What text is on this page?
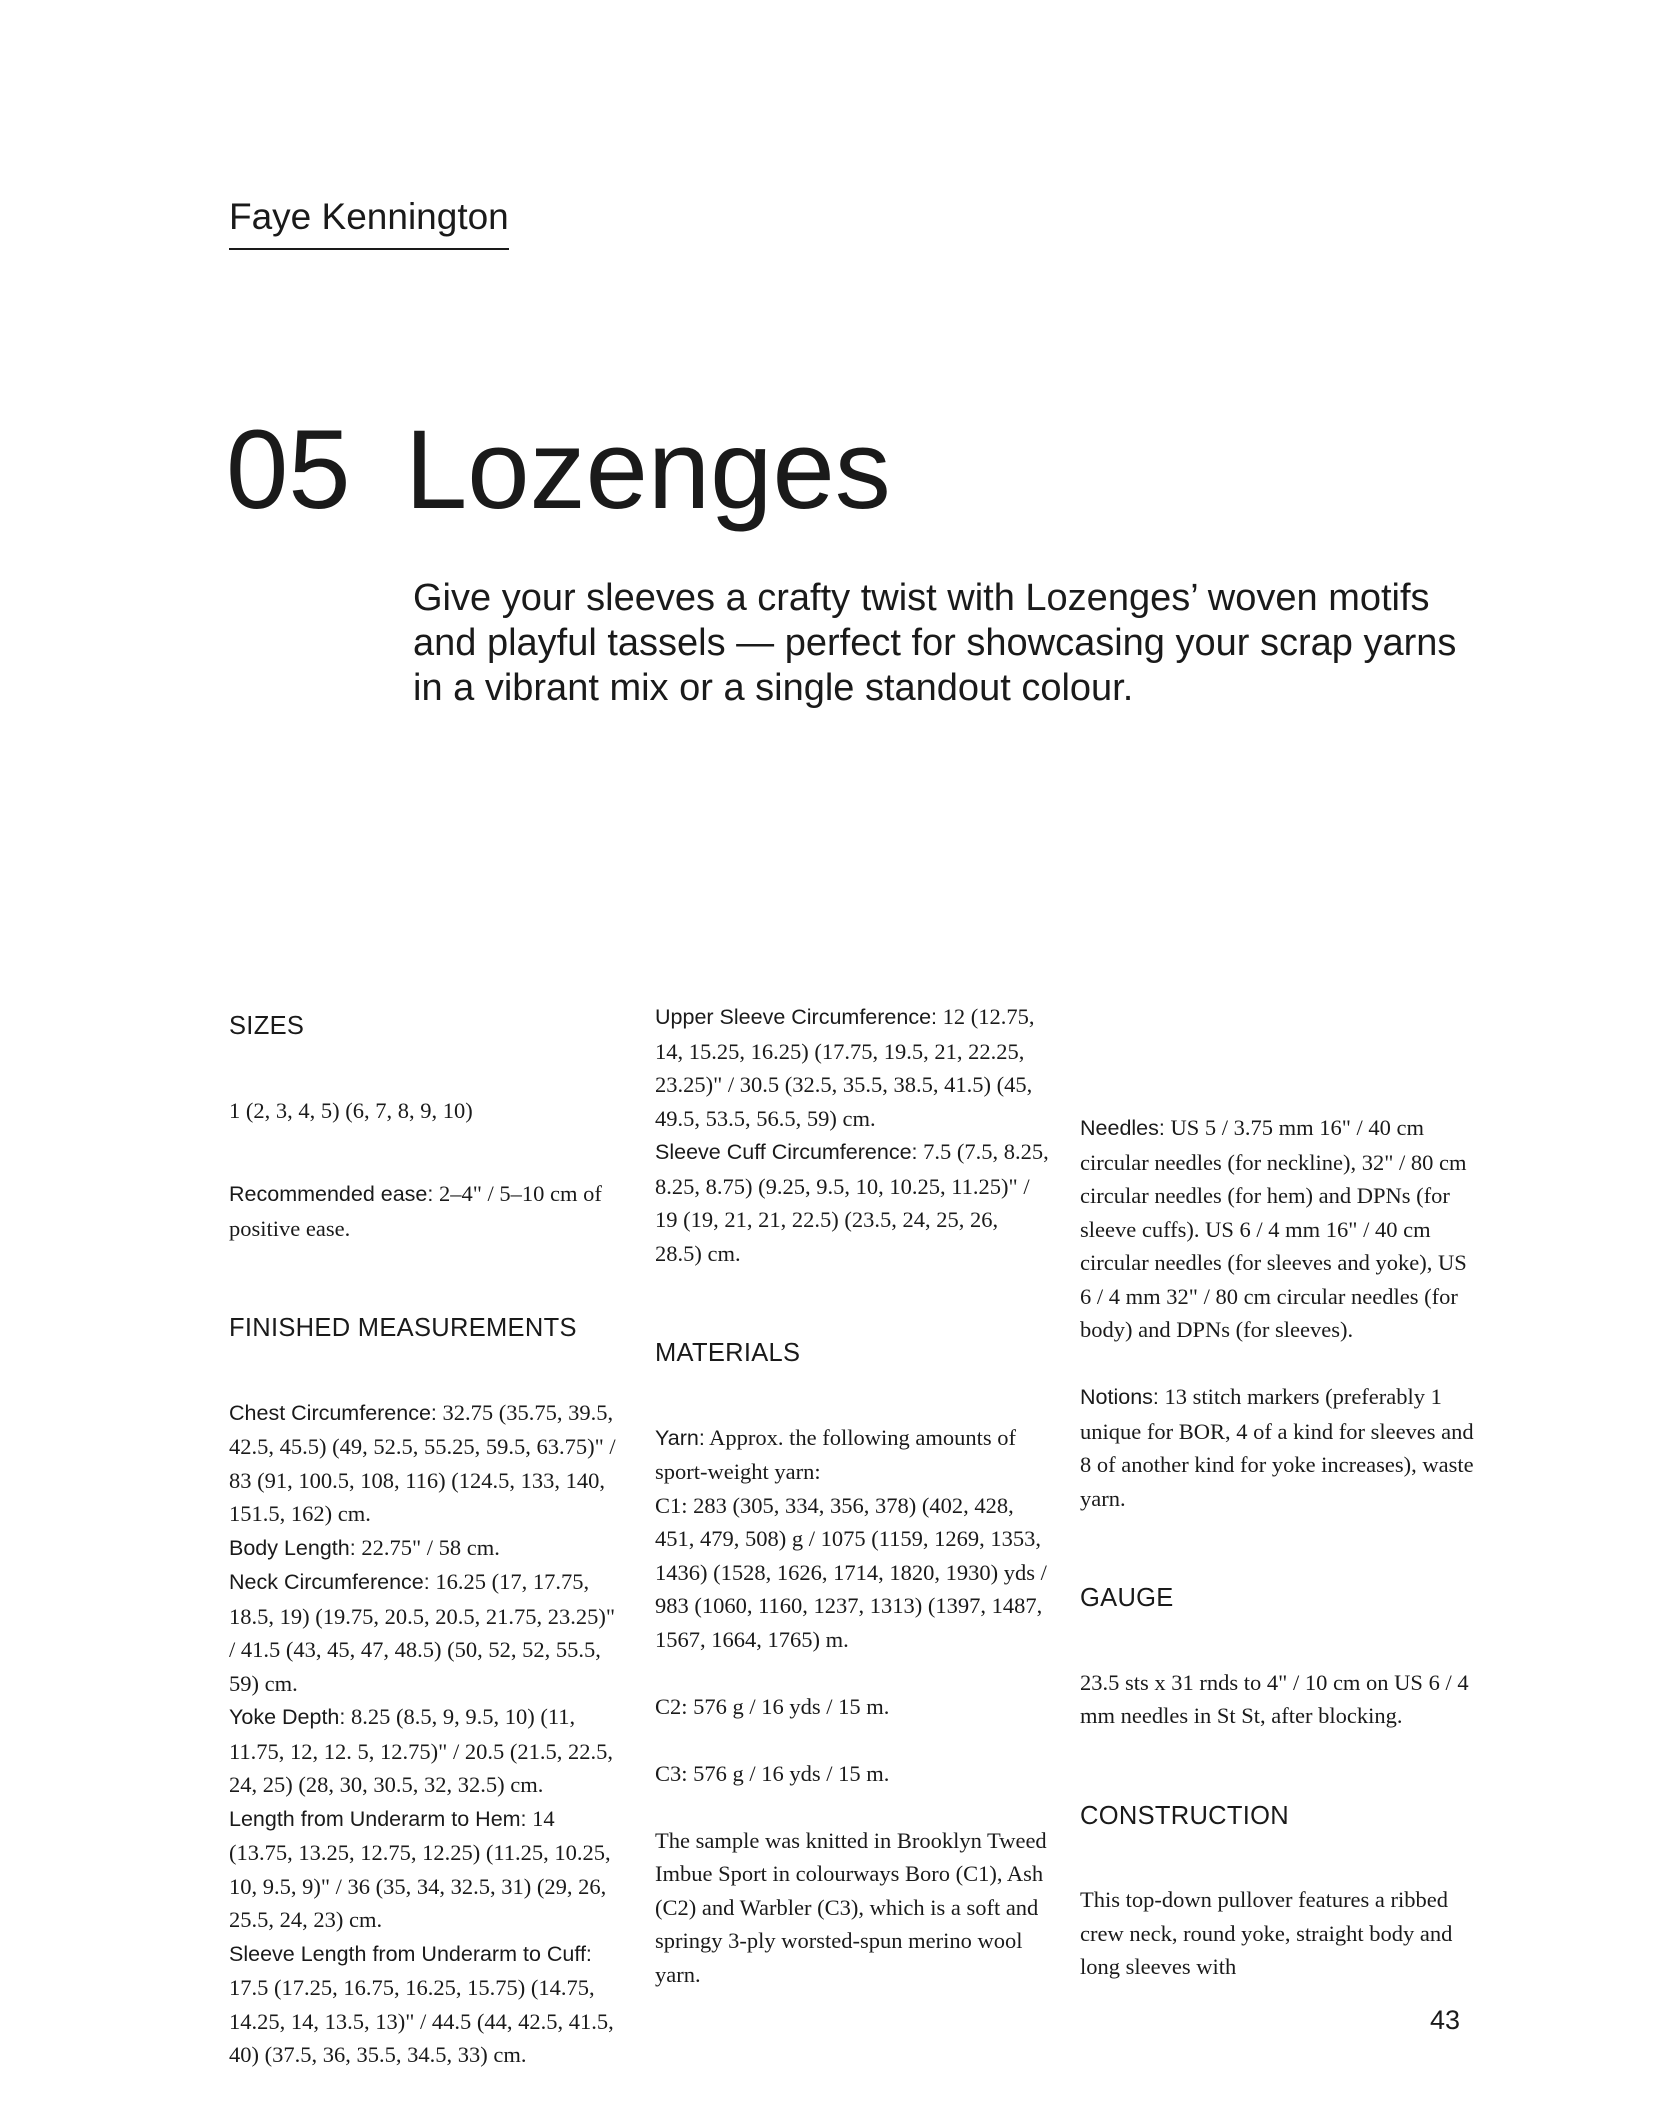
Faye Kennington
05 Lozenges
Give your sleeves a crafty twist with Lozenges’ woven motifs and playful tassels — perfect for showcasing your scrap yarns in a vibrant mix or a single standout colour.

SIZES

1 (2, 3, 4, 5) (6, 7, 8, 9, 10)

Recommended ease: 2–4" / 5–10 cm of positive ease.

FINISHED MEASUREMENTS

Chest Circumference: 32.75 (35.75, 39.5, 42.5, 45.5) (49, 52.5, 55.25, 59.5, 63.75)" / 83 (91, 100.5, 108, 116) (124.5, 133, 140, 151.5, 162) cm.

Body Length: 22.75" / 58 cm.

Neck Circumference: 16.25 (17, 17.75, 18.5, 19) (19.75, 20.5, 20.5, 21.75, 23.25)" / 41.5 (43, 45, 47, 48.5) (50, 52, 52, 55.5, 59) cm.

Yoke Depth: 8.25 (8.5, 9, 9.5, 10) (11, 11.75, 12, 12. 5, 12.75)" / 20.5 (21.5, 22.5, 24, 25) (28, 30, 30.5, 32, 32.5) cm.

Length from Underarm to Hem: 14 (13.75, 13.25, 12.75, 12.25) (11.25, 10.25, 10, 9.5, 9)" / 36 (35, 34, 32.5, 31) (29, 26, 25.5, 24, 23) cm.

Sleeve Length from Underarm to Cuff: 17.5 (17.25, 16.75, 16.25, 15.75) (14.75, 14.25, 14, 13.5, 13)" / 44.5 (44, 42.5, 41.5, 40) (37.5, 36, 35.5, 34.5, 33) cm.

Upper Sleeve Circumference: 12 (12.75, 14, 15.25, 16.25) (17.75, 19.5, 21, 22.25, 23.25)" / 30.5 (32.5, 35.5, 38.5, 41.5) (45, 49.5, 53.5, 56.5, 59) cm.

Sleeve Cuff Circumference: 7.5 (7.5, 8.25, 8.25, 8.75) (9.25, 9.5, 10, 10.25, 11.25)" / 19 (19, 21, 21, 22.5) (23.5, 24, 25, 26, 28.5) cm.

MATERIALS

Yarn: Approx. the following amounts of sport-weight yarn:

C1: 283 (305, 334, 356, 378) (402, 428, 451, 479, 508) g / 1075 (1159, 1269, 1353, 1436) (1528, 1626, 1714, 1820, 1930) yds / 983 (1060, 1160, 1237, 1313) (1397, 1487, 1567, 1664, 1765) m.

C2: 576 g / 16 yds / 15 m.

C3: 576 g / 16 yds / 15 m.

The sample was knitted in Brooklyn Tweed Imbue Sport in colourways Boro (C1), Ash (C2) and Warbler (C3), which is a soft and springy 3-ply worsted-spun merino wool yarn.

Needles: US 5 / 3.75 mm 16" / 40 cm circular needles (for neckline), 32" / 80 cm circular needles (for hem) and DPNs (for sleeve cuffs). US 6 / 4 mm 16" / 40 cm circular needles (for sleeves and yoke), US 6 / 4 mm 32" / 80 cm circular needles (for body) and DPNs (for sleeves).

Notions: 13 stitch markers (preferably 1 unique for BOR, 4 of a kind for sleeves and 8 of another kind for yoke increases), waste yarn.

GAUGE

23.5 sts x 31 rnds to 4" / 10 cm on US 6 / 4 mm needles in St St, after blocking.

CONSTRUCTION

This top-down pullover features a ribbed crew neck, round yoke, straight body and long sleeves with

43
